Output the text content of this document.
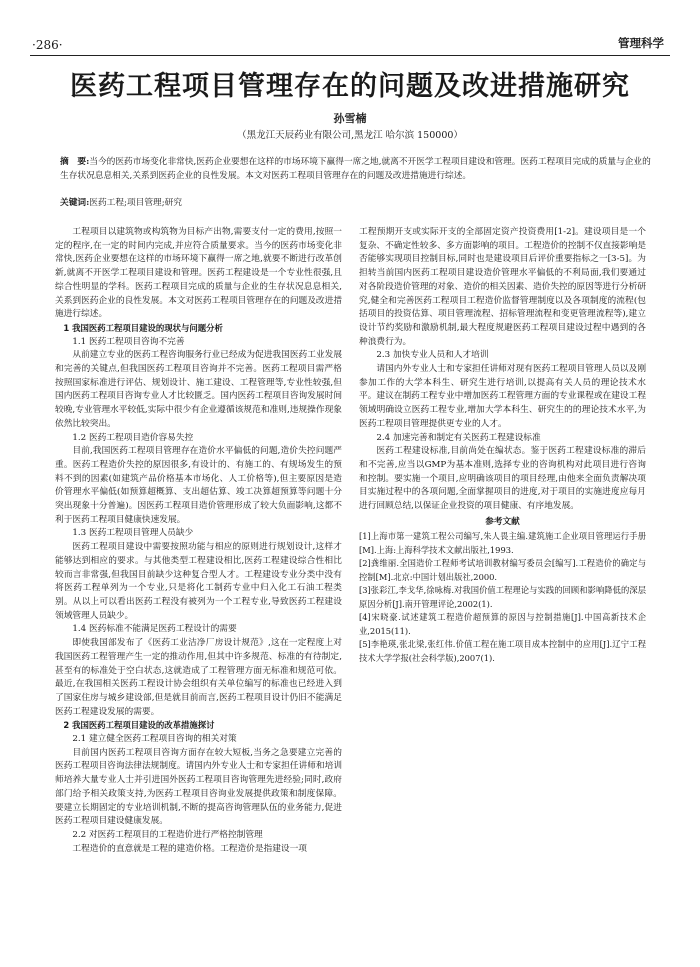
·286·	管理科学
医药工程项目管理存在的问题及改进措施研究
孙雪楠
（黑龙江天辰药业有限公司,黑龙江 哈尔滨 150000）

摘　要:当今的医药市场变化非常快,医药企业要想在这样的市场环境下赢得一席之地,就离不开医学工程项目建设和管理。医药工程项目完成的质量与企业的生存状况息息相关,关系到医药企业的良性发展。本文对医药工程项目管理存在的问题及改进措施进行综述。

关键词:医药工程;项目管理;研究

工程项目以建筑物或构筑物为目标产出物,需要支付一定的费用,按照一定的程序,在一定的时间内完成,并应符合质量要求。当今的医药市场变化非常快,医药企业要想在这样的市场环境下赢得一席之地,就要不断进行改革创新,就离不开医学工程项目建设和管理。医药工程建设是一个专业性很强,且综合性明显的学科。医药工程项目完成的质量与企业的生存状况息息相关,关系到医药企业的良性发展。本文对医药工程项目管理存在的问题及改进措施进行综述。

1 我国医药工程项目建设的现状与问题分析

1.1 医药工程项目咨询不完善

从前建立专业的医药工程咨询服务行业已经成为促进我国医药工业发展和完善的关键点,但我国医药工程项目咨询并不完善。医药工程项目需严格按照国家标准进行评估、规划设计、施工建设、工程管理等,专业性较强,但国内医药工程项目咨询专业人才比较匮乏。国内医药工程项目咨询发展时间较晚,专业管理水平较低,实际中很少有企业遵循该规范和准则,违规操作现象依然比较突出。

1.2 医药工程项目造价容易失控

目前,我国医药工程项目管理存在造价水平偏低的问题,造价失控问题严重。医药工程造价失控的原因很多,有设计的、有施工的、有规场发生的预料不到的因素(如建筑产品价格基本市场化、人工价格等),但主要原因是造价管理水平偏低(如预算超概算、支出超估算、竣工决算超预算等问题十分突出现象十分普遍)。因医药工程项目造价管理形成了较大负面影响,这都不利于医药工程项目健康快速发展。

1.3 医药工程项目管理人员缺少

医药工程项目建设中需要按照功能与相应的原则进行规划设计,这样才能够达到相应的要求。与其他类型工程建设相比,医药工程建设综合性相比较而言非常强,但我国目前缺少这种复合型人才。工程建设专业分类中没有将医药工程单列为一个专业,只是将化工制药专业中归入化工石油工程类别。从以上可以看出医药工程没有被列为一个工程专业,导致医药工程建设领域管理人员缺少。

1.4 医药标准不能满足医药工程设计的需要

即使我国部发布了《医药工业洁净厂房设计规范》,这在一定程度上对我国医药工程管理产生一定的推动作用,但其中许多规范、标准的有待制定,甚至有的标准处于空白状态,这就造成了工程管理方面无标准和规范可依。最近,在我国相关医药工程设计协会组织有关单位编写的标准也已经进入到了国家住房与城乡建设部,但是就目前而言,医药工程项目设计仍旧不能满足医药工程建设发展的需要。

2 我国医药工程项目建设的改革措施探讨

2.1 建立健全医药工程项目咨询的相关对策

目前国内医药工程项目咨询方面存在较大短板,当务之急要建立完善的医药工程项目咨询法律法规制度。请国内外专业人士和专家担任讲师和培训师培养大量专业人士并引进国外医药工程项目咨询管理先进经验;同时,政府部门给予相关政策支持,为医药工程项目咨询业发展提供政策和制度保障。要建立长期固定的专业培训机制,不断的提高咨询管理队伍的业务能力,促进医药工程项目建设健康发展。

2.2 对医药工程项目的工程造价进行严格控制管理

工程造价的直意就是工程的建造价格。工程造价是指建设一项

工程预期开支或实际开支的全部固定资产投资费用[1-2]。建设项目是一个复杂、不确定性较多、多方面影响的项目。工程造价的控制不仅直接影响是否能够实现项目控制目标,同时也是建设项目后评价重要指标之一[3-5]。为担转当前国内医药工程项目建设造价管理水平偏低的不利局面,我们要通过对各阶段造价管理的对象、造价的相关因素、造价失控的原因等进行分析研究,健全和完善医药工程项目工程造价监督管理制度以及各项制度的流程(包括项目的投资估算、项目管理流程、招标管理流程和变更管理流程等),建立设计节约奖励和激励机制,最大程度规避医药工程项目建设过程中遇到的各种浪费行为。

2.3 加快专业人员和人才培训

请国内外专业人士和专家担任讲师对现有医药工程项目管理人员以及刚参加工作的大学本科生、研究生进行培训,以提高有关人员的理论技术水平。建议在制药工程专业中增加医药工程管理方面的专业课程或在建设工程领域明确设立医药工程专业,增加大学本科生、研究生的的理论技术水平,为医药工程项目管理提供更专业的人才。

2.4 加速完善和制定有关医药工程建设标准

医药工程建设标准,目前尚处在编状态。鉴于医药工程建设标准的滞后和不完善,应当以GMP为基本准则,选择专业的咨询机构对此项目进行咨询和控制。要实施一个项目,应明确该项目的项目经理,由他来全面负责解决项目实施过程中的各项问题,全面掌握项目的进度,对于项目的实施进度应每月进行回顾总结,以保证企业投资的项目健康、有序地发展。

参考文献

[1]上海市第一建筑工程公司编写,朱人畏主编.建筑施工企业项目管理运行手册[M].上海:上海科学技术文献出版社,1993.

[2]龚维丽.全国造价工程师考试培训教材编写委员会[编写].工程造价的确定与控制[M].北京:中国计划出版社,2000.

[3]张彩江,李戈华,徐咏梅.对我国价值工程理论与实践的回顾和影响降低的深层原因分析[J].南开管理评论,2002(1).

[4]宋晓豪.试述建筑工程造价超预算的原因与控制措施[J].中国高新技术企业,2015(11).

[5]李艳瑛,张北梁,张红伟.价值工程在施工项目成本控制中的应用[J].辽宁工程技术大学学报(社会科学版),2007(1).
